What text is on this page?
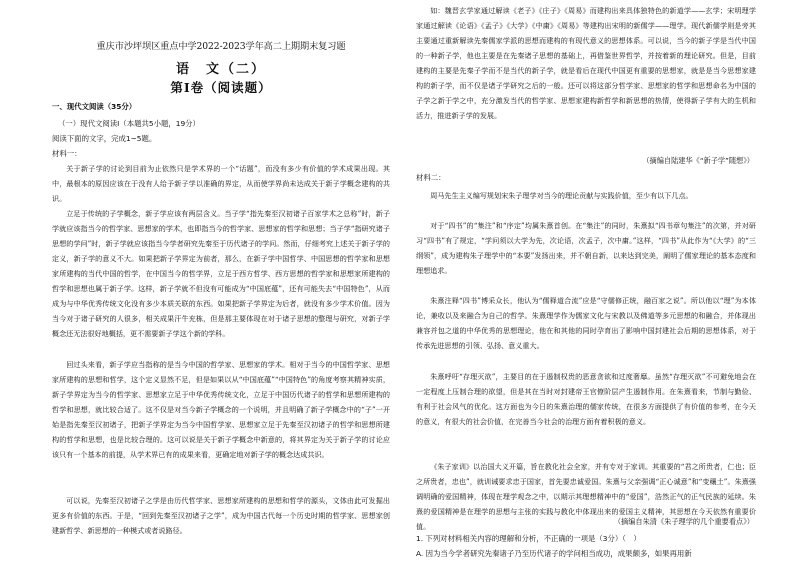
重庆市沙坪坝区重点中学2022-2023学年高二上期期末复习题
语　文（二）
第Ⅰ卷（阅读题）
一、现代文阅读（35分）
（一）现代文阅读Ⅰ（本题共5小题，19分）
阅读下面的文字，完成1~5题。
材料一：
关于新子学的讨论到目前为止依然只是学术界的一个“话题”，而没有多少有价值的学术成果出现。其中，最根本的原因应该在于没有人给予新子学以准确的界定，从而使学界尚未达成关于新子学概念建构的共识。
立足于传统的子学概念，新子学应该有两层含义。当子学“指先秦至汉初诸子百家学术之总称”时，新子学就应该指当今的哲学家、思想家的学术，也即指当今的哲学家、思想家的哲学和思想；当子学“指研究诸子思想的学问”时，新子学就应该指当今学者研究先秦至于历代诸子的学问。然而，仔细考究上述关于新子学的定义，新子学的意义不大。如果把新子学界定为前者，那么，在新子学中国哲学、中国思想的哲学家和思想家所建构的当代中国的哲学，在中国当今的哲学界，立足于西方哲学、西方思想的哲学家和思想家所建构的哲学和思想也属于新子学。这样，新子学就不但没有可能成为“中国底蕴”，还有可能失去“中国特色”，从而成为与中华优秀传统文化没有多少本质关联的东西。如果把新子学界定为后者，就没有多少学术价值。因为当今对于诸子研究的人很多，相关成果汗牛充栋，但是那主要体现在对于诸子思想的整理与研究，对新子学概念还无法很好地概括，更不需要新子学这个新的学科。
回过头来看，新子学应当指称的是当今中国的哲学家、思想家的学术。相对于当今的中国哲学家、思想家所建构的思想和哲学，这个定义显然不足，但是如果以从“中国底蕴”“中国特色”的角度考察其精神实质，新子学界定为当今的哲学家、思想家立足于中华优秀传统文化，立足于中国历代诸子的哲学和思想所建构的哲学和思想，就比较合适了。这不仅是对当今新子学概念的一个说明，并且明确了新子学概念中的“子”一开始是指先秦至汉初诸子，把新子学界定为当今中国哲学家、思想家立足于先秦至汉初诸子的哲学和思想所建构的哲学和思想，也是比较合理的。这可以说是关于新子学概念中新意的，将其界定为关于新子学的讨论应该只有一个基本的前提，从学术界已有的成果来看，更确定地对新子学的概念达成共识。
可以说，先秦至汉初诸子之学是由历代哲学家、思想家所建构的思想和哲学的源头，文体由此可发掘出更多有价值的东西。于是，“回到先秦至汉初诸子之学”，成为中国古代每一个历史时期的哲学家、思想家创建新哲学、新思想的一种模式或者说路径。
如：魏晋玄学家通过解读《老子》《庄子》《周易》而建构出来具体独特色的新道学——玄学；宋明理学家通过解读《论语》《孟子》《大学》《中庸》《周易》等建构出宋明的新儒学——理学。现代新儒学则是旁其主要通过重新解读先秦儒家学派的思想而建构的有现代意义的思想体系。可以说，当今的新子学是当代中国的一种新子学，他也主要是在先秦诸子思想的基础上，再借鉴世界哲学，并按着新的理论研究。但是，目前建构的主要是先秦子学而不是当代的新子学，就是看后在现代中国更有重要的思想家，就是是当今思想家建构的新子学，而不仅是诸子学研究之后的一般。还可以将这部分哲学家、思想家的哲学和思想命名为中国的子学之新于学之中，充分激发当代的哲学家、思想家建构新哲学和新思想的热情，使得新子学有大的生机和活力，推进新子学的发展。
（摘编自陆建华《“新子学”随想》）
材料二：
周马先生主义编写规划宋朱子理学对当今的理论贡献与实践价值，至少有以下几点。
对于“四书”的“集注”和“序定”均属朱熹首创。在“集注”的同时，朱熹拟“四书章句集注”的次第，并对研习“四书”有了规定，“学问须以大学为先，次论语，次孟子，次中庸。”这样，“四书”从此作为“《大学》的“三纲领”，成为建构朱子理学中的“本要”发扬出来，并不朝自新，以来达到完美，阐明了儒家理论的基本态度和理想追求。
朱熹注释“四书”博采众长，他认为“儒释道合流”应是“守儒修正统，融百家之说”。所以他以“理”为本体论，兼收以及来融合为自己的哲学。朱熹理学作为儒家文化与宋教以及佛道等多元思想的和融合，并体现出兼容并包之道的中华优秀的思想理论，他在和其他的同时孕育出了影响中国封建社会后期的思想体系，对于传承先进思想的引领、弘扬、意义重大。
朱熹呼吁“存理灭欲”，主要目的在于遏制权贵的恶意贪欲和过度奢靡。虽然“存理灭欲”不可避免地会在一定程度上压制合理的欲望，但是其在当时对封建帝王官僚阶层产生遏制作用。在朱熹看来，节制与勤俭、有利于社会风气的优化。这方面也为今日的朱熹治理的儒家传统，在很多方面提供了有价值的参考，在今天的意义，有很大的社会价值，在完善当今社会的治理方面有着积极的意义。
《朱子家训》以治国大义开篇，旨在教化社会全家，并有专对于家训。其重要的“君之所贵者，仁也；臣之所贵者，忠也”，就训诫要求忠于国家，首先要忠诚爱国。朱熹与父亲强调“正心诚意”和“变穰土”。朱熹强调明确的爱国精神，体现在理学观念之中，以期示其理想精神中的“爱国”，浩然正气的正气民族的延续。朱熹的爱国精神是在理学的思想与主张的实践与教化中体现出来的爱国主义精神，其思想在今天依然有重要价值。
（摘编自朱清《朱子理学的几个重要看点》）
1. 下列对材料相关内容的理解和分析，不正确的一项是（3分）（　）
A. 因为当今学者研究先秦诸子乃至历代诸子的学问相当成功，成果颇多，如果再用新
